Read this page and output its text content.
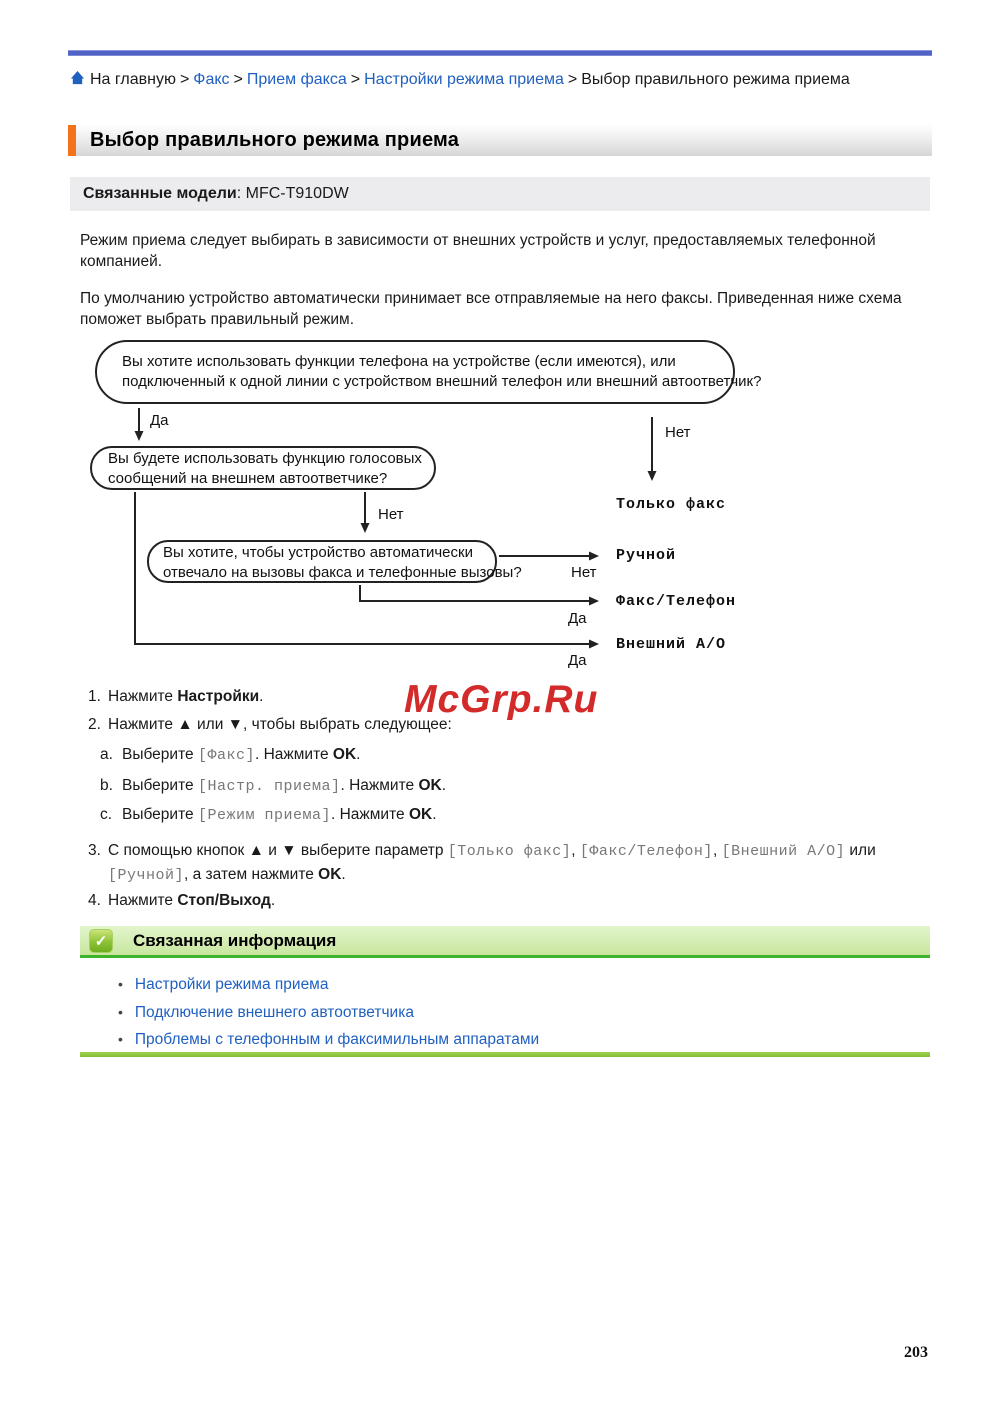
На главную > Факс > Прием факса > Настройки режима приема > Выбор правильного режима приема
Выбор правильного режима приема
Связанные модели: MFC-T910DW
Режим приема следует выбирать в зависимости от внешних устройств и услуг, предоставляемых телефонной компанией.
По умолчанию устройство автоматически принимает все отправляемые на него факсы. Приведенная ниже схема поможет выбрать правильный режим.
Вы хотите использовать функции телефона на устройстве (если имеются), или
подключенный к одной линии с устройством внешний телефон или внешний автоответчик?
Вы будете использовать функцию голосовых
сообщений на внешнем автоответчике?
Вы хотите, чтобы устройство автоматически
отвечало на вызовы факса и телефонные вызовы?
Да
Нет
Нет
Нет
Да
Да
Только факс
Ручной
Факс/Телефон
Внешний А/О
1. Нажмите Настройки.
2. Нажмите ▲ или ▼, чтобы выбрать следующее:
a. Выберите [Факс]. Нажмите OK.
b. Выберите [Настр. приема]. Нажмите OK.
c. Выберите [Режим приема]. Нажмите OK.
3. С помощью кнопок ▲ и ▼ выберите параметр [Только факс], [Факс/Телефон], [Внешний А/О] или [Ручной], а затем нажмите OK.
4. Нажмите Стоп/Выход.
✓	Связанная информация
• Настройки режима приема
• Подключение внешнего автоответчика
• Проблемы с телефонным и факсимильным аппаратами
McGrp.Ru
203
